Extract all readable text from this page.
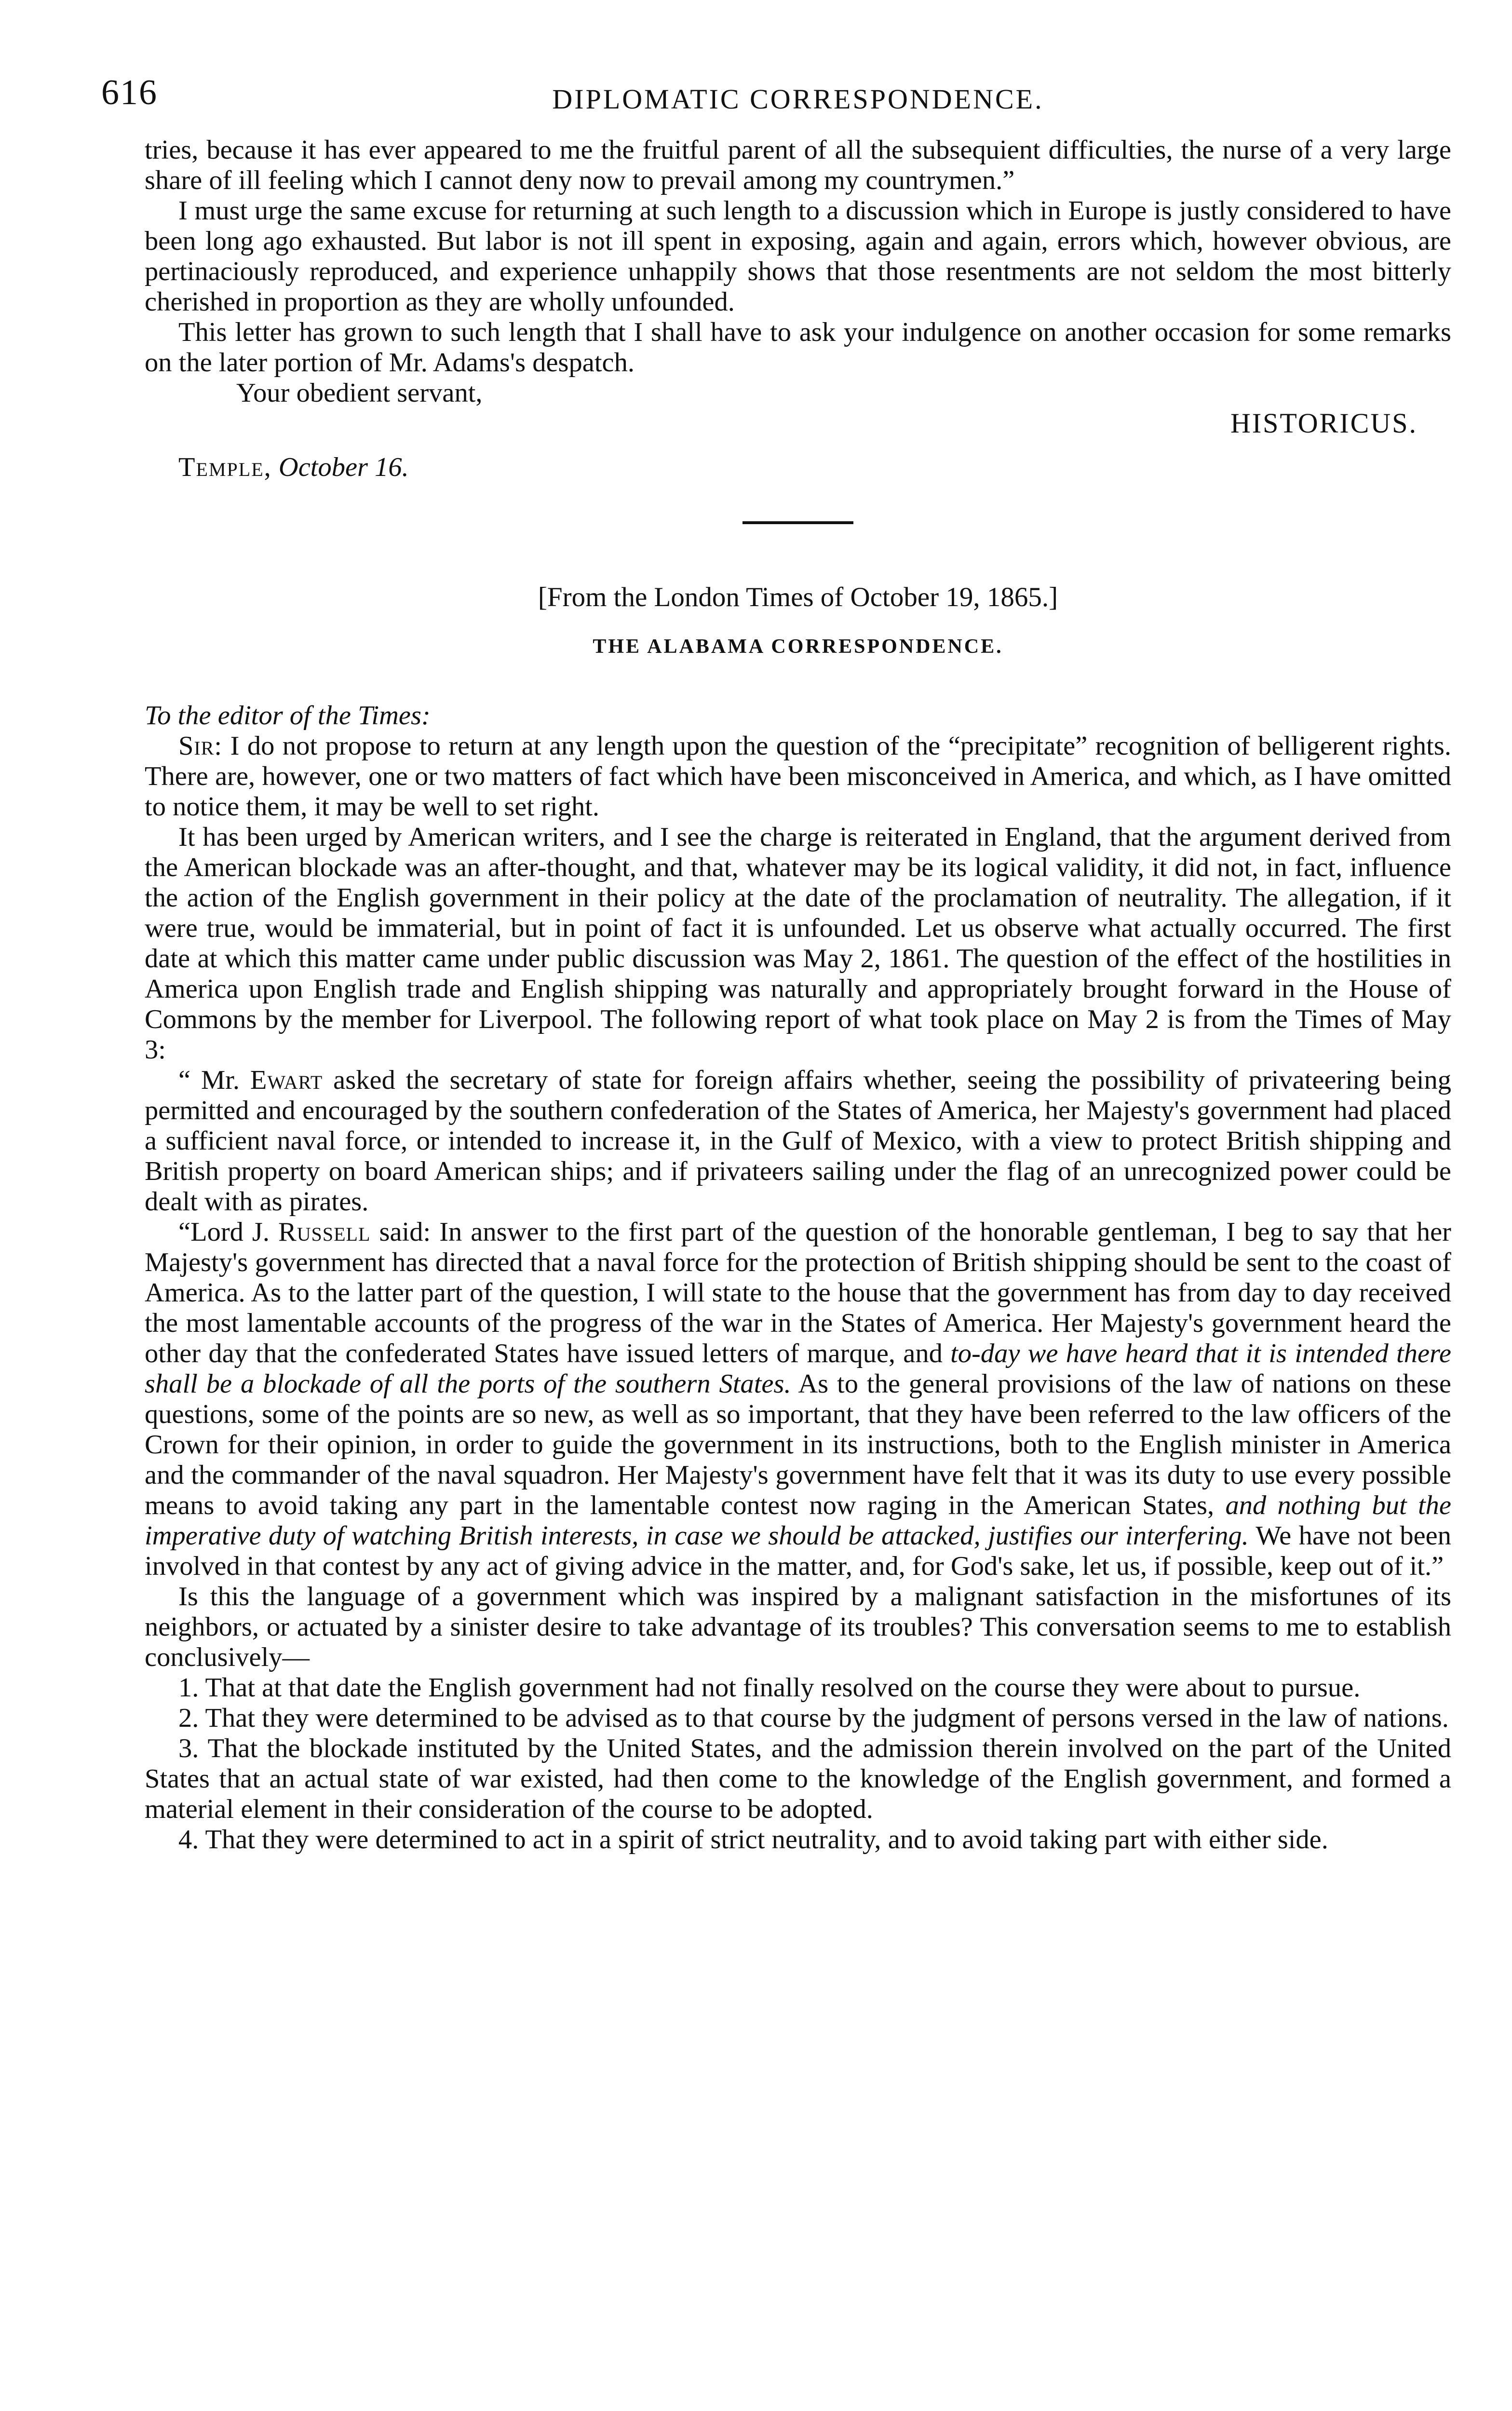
616	DIPLOMATIC CORRESPONDENCE.

tries, because it has ever appeared to me the fruitful parent of all the subsequient difficulties, the nurse of a very large share of ill feeling which I cannot deny now to prevail among my countrymen.”

I must urge the same excuse for returning at such length to a discussion which in Europe is justly considered to have been long ago exhausted. But labor is not ill spent in exposing, again and again, errors which, however obvious, are pertinaciously reproduced, and experience unhappily shows that those resentments are not seldom the most bitterly cherished in proportion as they are wholly unfounded.

This letter has grown to such length that I shall have to ask your indulgence on another occasion for some remarks on the later portion of Mr. Adams's despatch.

Your obedient servant,

HISTORICUS.

Temple, October 16.

[From the London Times of October 19, 1865.]

THE ALABAMA CORRESPONDENCE.

To the editor of the Times:

Sir: I do not propose to return at any length upon the question of the “precipitate” recognition of belligerent rights. There are, however, one or two matters of fact which have been misconceived in America, and which, as I have omitted to notice them, it may be well to set right.

It has been urged by American writers, and I see the charge is reiterated in England, that the argument derived from the American blockade was an after-thought, and that, whatever may be its logical validity, it did not, in fact, influence the action of the English government in their policy at the date of the proclamation of neutrality. The allegation, if it were true, would be immaterial, but in point of fact it is unfounded. Let us observe what actually occurred. The first date at which this matter came under public discussion was May 2, 1861. The question of the effect of the hostilities in America upon English trade and English shipping was naturally and appropriately brought forward in the House of Commons by the member for Liverpool. The following report of what took place on May 2 is from the Times of May 3:

“ Mr. Ewart asked the secretary of state for foreign affairs whether, seeing the possibility of privateering being permitted and encouraged by the southern confederation of the States of America, her Majesty's government had placed a sufficient naval force, or intended to increase it, in the Gulf of Mexico, with a view to protect British shipping and British property on board American ships; and if privateers sailing under the flag of an unrecognized power could be dealt with as pirates.

“Lord J. Russell said: In answer to the first part of the question of the honorable gentleman, I beg to say that her Majesty's government has directed that a naval force for the protection of British shipping should be sent to the coast of America. As to the latter part of the question, I will state to the house that the government has from day to day received the most lamentable accounts of the progress of the war in the States of America. Her Majesty's government heard the other day that the confederated States have issued letters of marque, and to-day we have heard that it is intended there shall be a blockade of all the ports of the southern States. As to the general provisions of the law of nations on these questions, some of the points are so new, as well as so important, that they have been referred to the law officers of the Crown for their opinion, in order to guide the government in its instructions, both to the English minister in America and the commander of the naval squadron. Her Majesty's government have felt that it was its duty to use every possible means to avoid taking any part in the lamentable contest now raging in the American States, and nothing but the imperative duty of watching British interests, in case we should be attacked, justifies our interfering. We have not been involved in that contest by any act of giving advice in the matter, and, for God's sake, let us, if possible, keep out of it.”

Is this the language of a government which was inspired by a malignant satisfaction in the misfortunes of its neighbors, or actuated by a sinister desire to take advantage of its troubles? This conversation seems to me to establish conclusively—

1. That at that date the English government had not finally resolved on the course they were about to pursue.
2. That they were determined to be advised as to that course by the judgment of persons versed in the law of nations.
3. That the blockade instituted by the United States, and the admission therein involved on the part of the United States that an actual state of war existed, had then come to the knowledge of the English government, and formed a material element in their consideration of the course to be adopted.
4. That they were determined to act in a spirit of strict neutrality, and to avoid taking part with either side.
